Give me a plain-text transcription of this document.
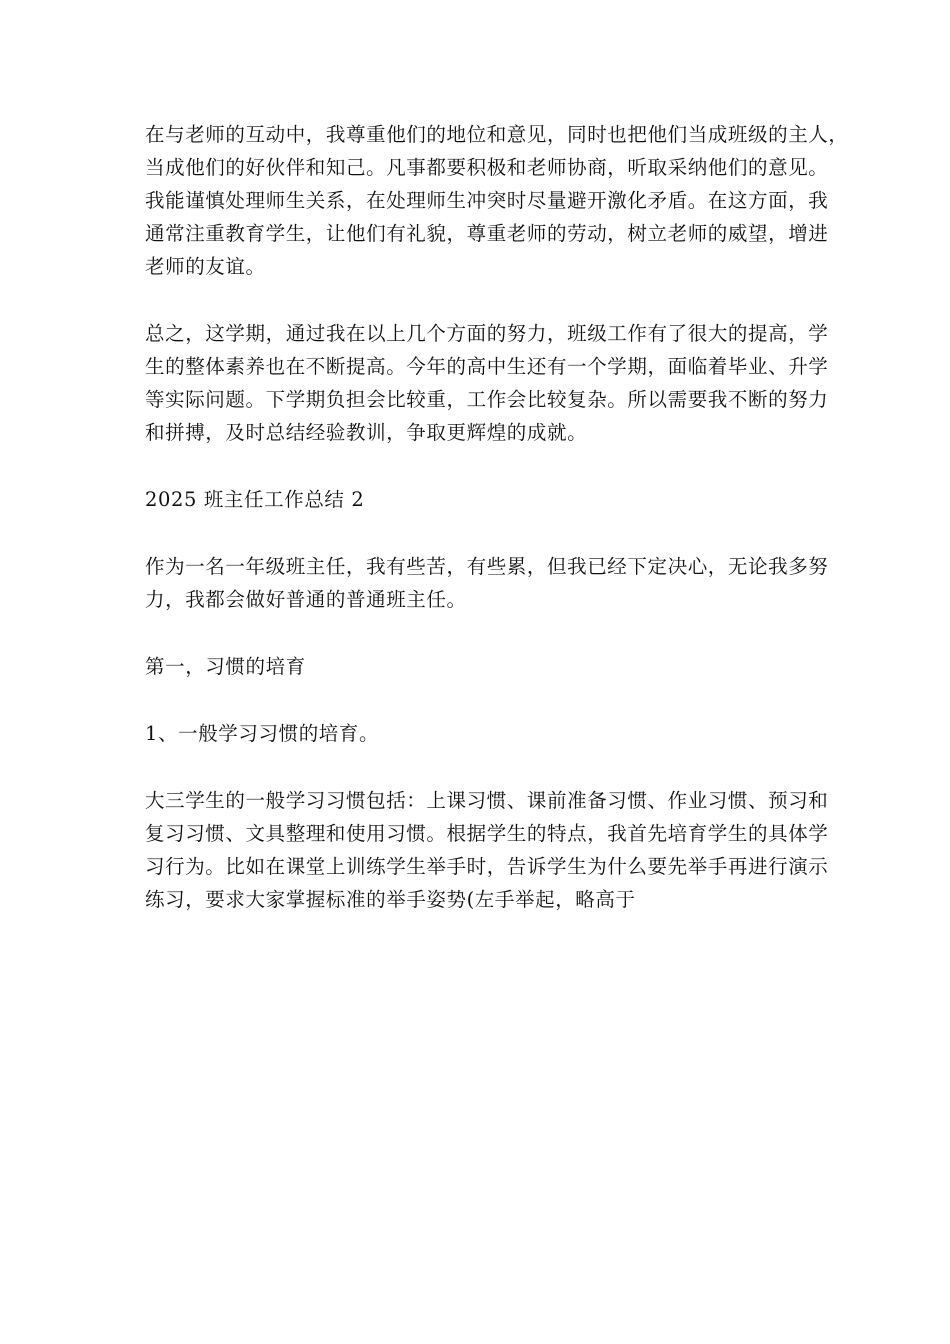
在与老师的互动中，我尊重他们的地位和意见，同时也把他们当成班级的主人，
当成他们的好伙伴和知己。凡事都要积极和老师协商，听取采纳他们的意见。
我能谨慎处理师生关系，在处理师生冲突时尽量避开激化矛盾。在这方面，我
通常注重教育学生，让他们有礼貌，尊重老师的劳动，树立老师的威望，增进
老师的友谊。

总之，这学期，通过我在以上几个方面的努力，班级工作有了很大的提高，学
生的整体素养也在不断提高。今年的高中生还有一个学期，面临着毕业、升学
等实际问题。下学期负担会比较重，工作会比较复杂。所以需要我不断的努力
和拼搏，及时总结经验教训，争取更辉煌的成就。

2025 班主任工作总结 2

作为一名一年级班主任，我有些苦，有些累，但我已经下定决心，无论我多努
力，我都会做好普通的普通班主任。

第一，习惯的培育

1、一般学习习惯的培育。

大三学生的一般学习习惯包括：上课习惯、课前准备习惯、作业习惯、预习和
复习习惯、文具整理和使用习惯。根据学生的特点，我首先培育学生的具体学
习行为。比如在课堂上训练学生举手时，告诉学生为什么要先举手再进行演示
练习，要求大家掌握标准的举手姿势(左手举起，略高于
